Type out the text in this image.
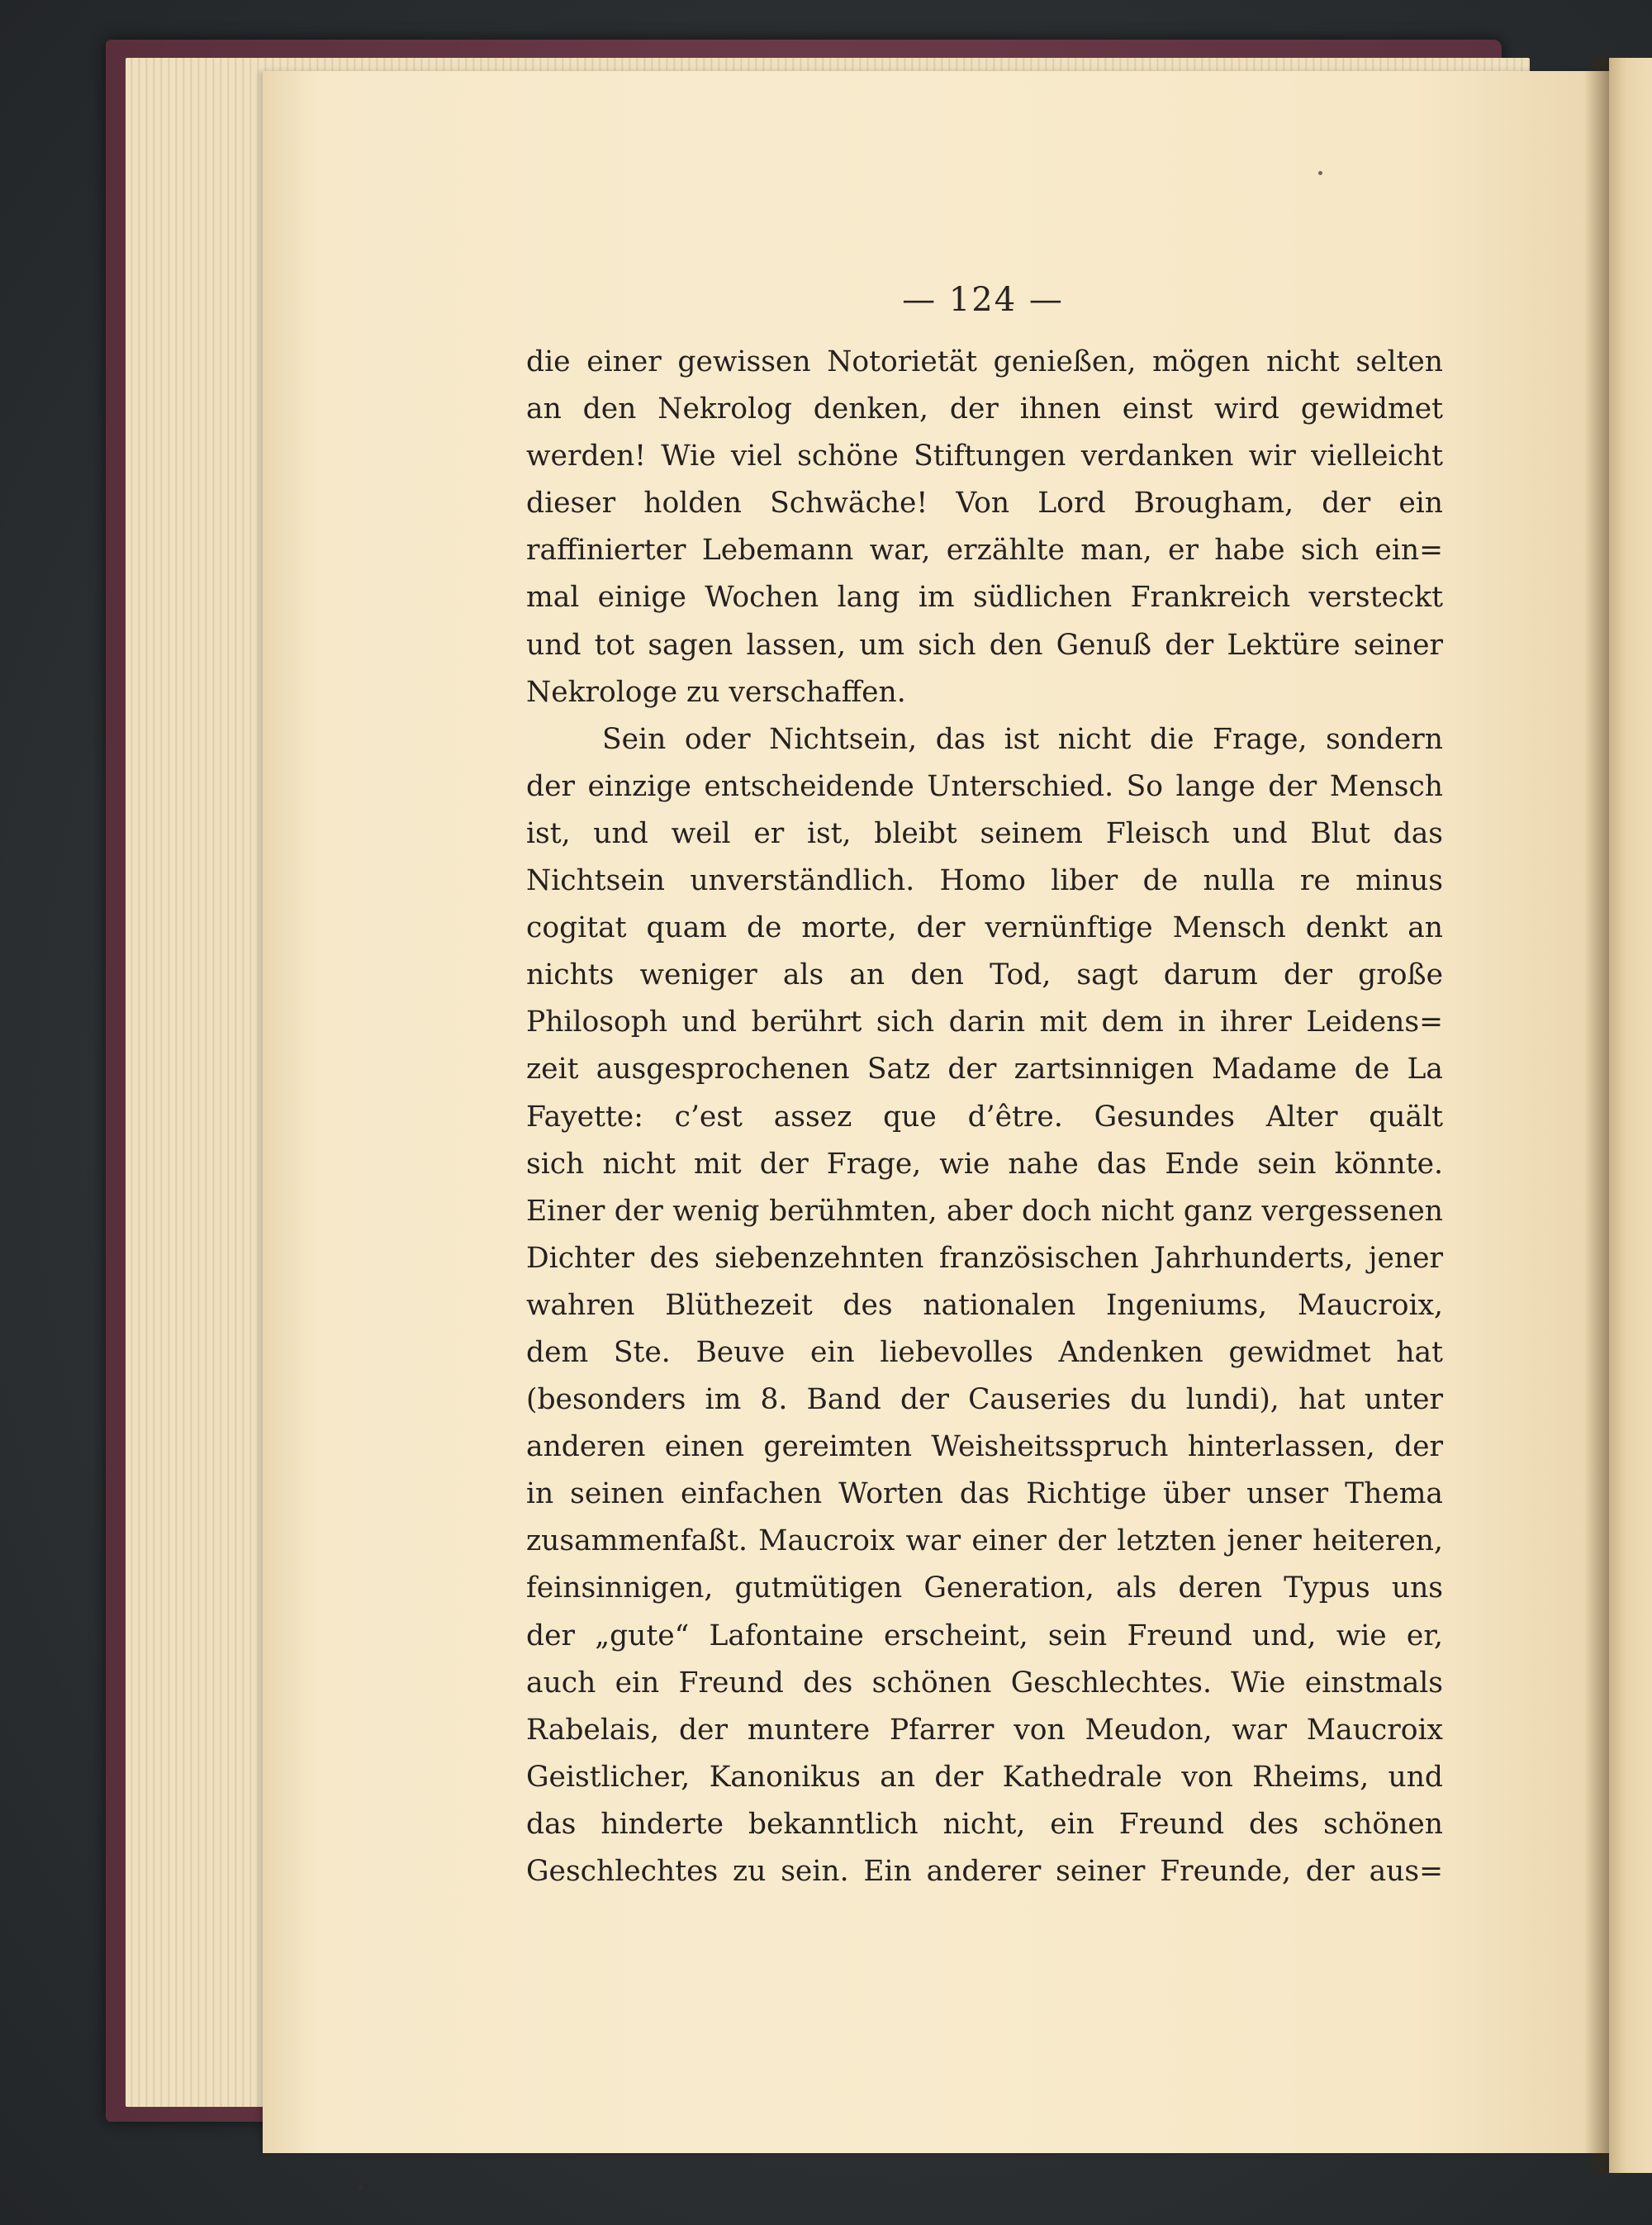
— 124 —
die einer gewissen Notorietät genießen, mögen nicht selten
an den Nekrolog denken, der ihnen einst wird gewidmet
werden! Wie viel schöne Stiftungen verdanken wir vielleicht
dieser holden Schwäche! Von Lord Brougham, der ein
raffinierter Lebemann war, erzählte man, er habe sich ein=
mal einige Wochen lang im südlichen Frankreich versteckt
und tot sagen lassen, um sich den Genuß der Lektüre seiner
Nekrologe zu verschaffen.
Sein oder Nichtsein, das ist nicht die Frage, sondern
der einzige entscheidende Unterschied. So lange der Mensch
ist, und weil er ist, bleibt seinem Fleisch und Blut das
Nichtsein unverständlich. Homo liber de nulla re minus
cogitat quam de morte, der vernünftige Mensch denkt an
nichts weniger als an den Tod, sagt darum der große
Philosoph und berührt sich darin mit dem in ihrer Leidens=
zeit ausgesprochenen Satz der zartsinnigen Madame de La
Fayette: c’est assez que d’être. Gesundes Alter quält
sich nicht mit der Frage, wie nahe das Ende sein könnte.
Einer der wenig berühmten, aber doch nicht ganz vergessenen
Dichter des siebenzehnten französischen Jahrhunderts, jener
wahren Blüthezeit des nationalen Ingeniums, Maucroix,
dem Ste. Beuve ein liebevolles Andenken gewidmet hat
(besonders im 8. Band der Causeries du lundi), hat unter
anderen einen gereimten Weisheitsspruch hinterlassen, der
in seinen einfachen Worten das Richtige über unser Thema
zusammenfaßt. Maucroix war einer der letzten jener heiteren,
feinsinnigen, gutmütigen Generation, als deren Typus uns
der „gute“ Lafontaine erscheint, sein Freund und, wie er,
auch ein Freund des schönen Geschlechtes. Wie einstmals
Rabelais, der muntere Pfarrer von Meudon, war Maucroix
Geistlicher, Kanonikus an der Kathedrale von Rheims, und
das hinderte bekanntlich nicht, ein Freund des schönen
Geschlechtes zu sein. Ein anderer seiner Freunde, der aus=
